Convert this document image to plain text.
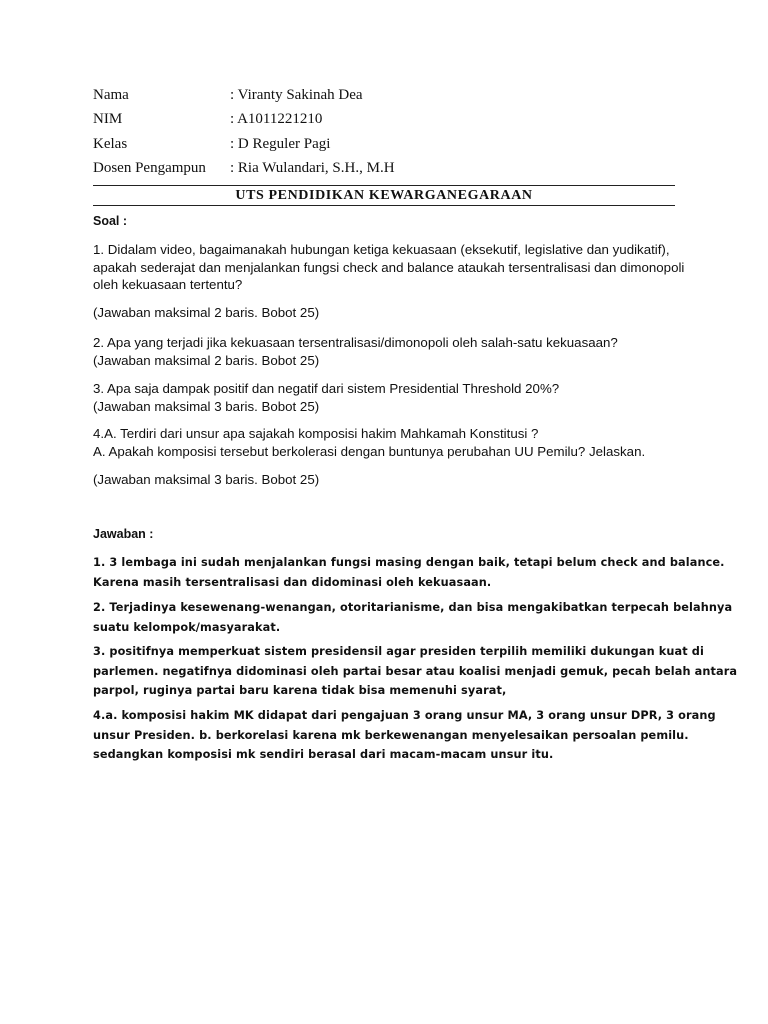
Nama	: Viranty Sakinah Dea
NIM	: A1011221210
Kelas	: D Reguler Pagi
Dosen Pengampun : Ria Wulandari, S.H., M.H
UTS PENDIDIKAN KEWARGANEGARAAN
Soal :
1. Didalam video, bagaimanakah hubungan ketiga kekuasaan (eksekutif, legislative dan yudikatif),
apakah sederajat dan menjalankan fungsi check and balance ataukah tersentralisasi dan dimonopoli
oleh kekuasaan tertentu?
(Jawaban maksimal 2 baris. Bobot 25)
2. Apa yang terjadi jika kekuasaan tersentralisasi/dimonopoli oleh salah-satu kekuasaan?
(Jawaban maksimal 2 baris. Bobot 25)
3. Apa saja dampak positif dan negatif dari sistem Presidential Threshold 20%?
(Jawaban maksimal 3 baris. Bobot 25)
4.A. Terdiri dari unsur apa sajakah komposisi hakim Mahkamah Konstitusi ?
A. Apakah komposisi tersebut berkolerasi dengan buntunya perubahan UU Pemilu? Jelaskan.
(Jawaban maksimal 3 baris. Bobot 25)
Jawaban :
1. 3 lembaga ini sudah menjalankan fungsi masing dengan baik, tetapi belum check and balance.
Karena masih tersentralisasi dan didominasi oleh kekuasaan.
2. Terjadinya kesewenang-wenangan, otoritarianisme, dan bisa mengakibatkan terpecah belahnya
suatu kelompok/masyarakat.
3. positifnya memperkuat sistem presidensil agar presiden terpilih memiliki dukungan kuat di
parlemen. negatifnya didominasi oleh partai besar atau koalisi menjadi gemuk, pecah belah antara
parpol, ruginya partai baru karena tidak bisa memenuhi syarat,
4.a. komposisi hakim MK didapat dari pengajuan 3 orang unsur MA, 3 orang unsur DPR, 3 orang
unsur Presiden. b. berkorelasi karena mk berkewenangan menyelesaikan persoalan pemilu.
sedangkan komposisi mk sendiri berasal dari macam-macam unsur itu.
